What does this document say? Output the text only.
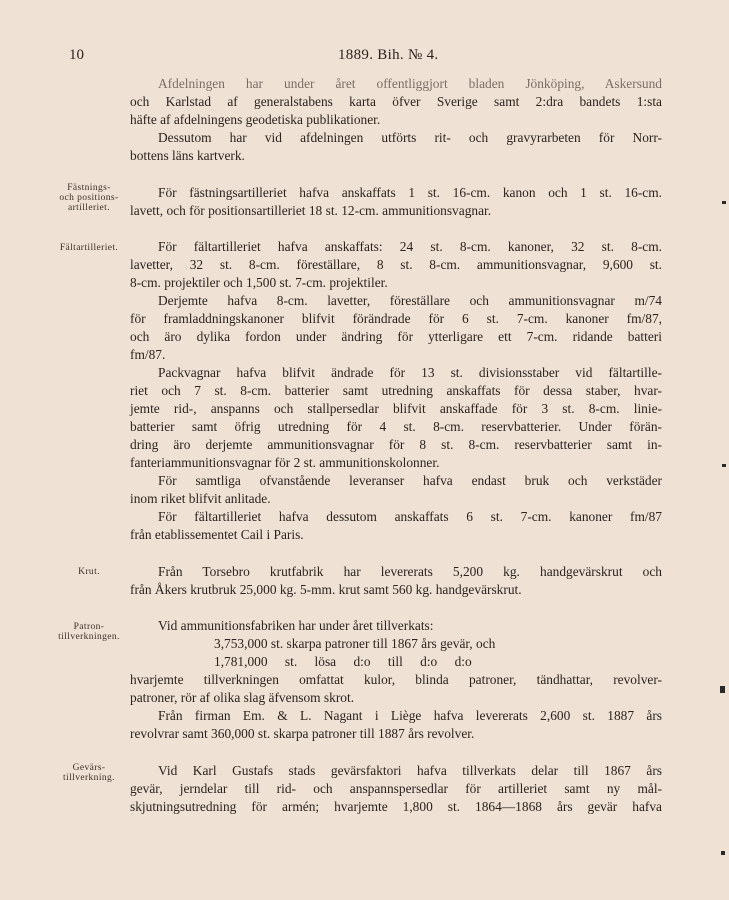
10	1889. Bih. № 4.
Fästnings-
och positions-
artilleriet.
Fältartilleriet.
Krut.
Patron-
tillverkningen.
Gevärs-
tillverkning.
Afdelningen har under året offentliggjort bladen Jönköping, Askersund
och Karlstad af generalstabens karta öfver Sverige samt 2:dra bandets 1:sta
häfte af afdelningens geodetiska publikationer.
Dessutom har vid afdelningen utförts rit- och gravyrarbeten för Norr-
bottens läns kartverk.
För fästningsartilleriet hafva anskaffats 1 st. 16-cm. kanon och 1 st. 16-cm.
lavett, och för positionsartilleriet 18 st. 12-cm. ammunitionsvagnar.
För fältartilleriet hafva anskaffats: 24 st. 8-cm. kanoner, 32 st. 8-cm.
lavetter, 32 st. 8-cm. föreställare, 8 st. 8-cm. ammunitionsvagnar, 9,600 st.
8-cm. projektiler och 1,500 st. 7-cm. projektiler.
Derjemte hafva 8-cm. lavetter, föreställare och ammunitionsvagnar m/74
för framladdningskanoner blifvit förändrade för 6 st. 7-cm. kanoner fm/87,
och äro dylika fordon under ändring för ytterligare ett 7-cm. ridande batteri
fm/87.
Packvagnar hafva blifvit ändrade för 13 st. divisionsstaber vid fältartille-
riet och 7 st. 8-cm. batterier samt utredning anskaffats för dessa staber, hvar-
jemte rid-, anspanns och stallpersedlar blifvit anskaffade för 3 st. 8-cm. linie-
batterier samt öfrig utredning för 4 st. 8-cm. reservbatterier. Under förän-
dring äro derjemte ammunitionsvagnar för 8 st. 8-cm. reservbatterier samt in-
fanteriammunitionsvagnar för 2 st. ammunitionskolonner.
För samtliga ofvanstående leveranser hafva endast bruk och verkstäder
inom riket blifvit anlitade.
För fältartilleriet hafva dessutom anskaffats 6 st. 7-cm. kanoner fm/87
från etablissementet Cail i Paris.
Från Torsebro krutfabrik har levererats 5,200 kg. handgevärskrut och
från Åkers krutbruk 25,000 kg. 5-mm. krut samt 560 kg. handgevärskrut.
Vid ammunitionsfabriken har under året tillverkats:
3,753,000 st. skarpa patroner till 1867 års gevär, och
1,781,000 st. lösa d:o till d:o d:o
hvarjemte tillverkningen omfattat kulor, blinda patroner, tändhattar, revolver-
patroner, rör af olika slag äfvensom skrot.
Från firman Em. & L. Nagant i Liège hafva levererats 2,600 st. 1887 års
revolvrar samt 360,000 st. skarpa patroner till 1887 års revolver.
Vid Karl Gustafs stads gevärsfaktori hafva tillverkats delar till 1867 års
gevär, jerndelar till rid- och anspannspersedlar för artilleriet samt ny mål-
skjutningsutredning för armén; hvarjemte 1,800 st. 1864—1868 års gevär hafva
